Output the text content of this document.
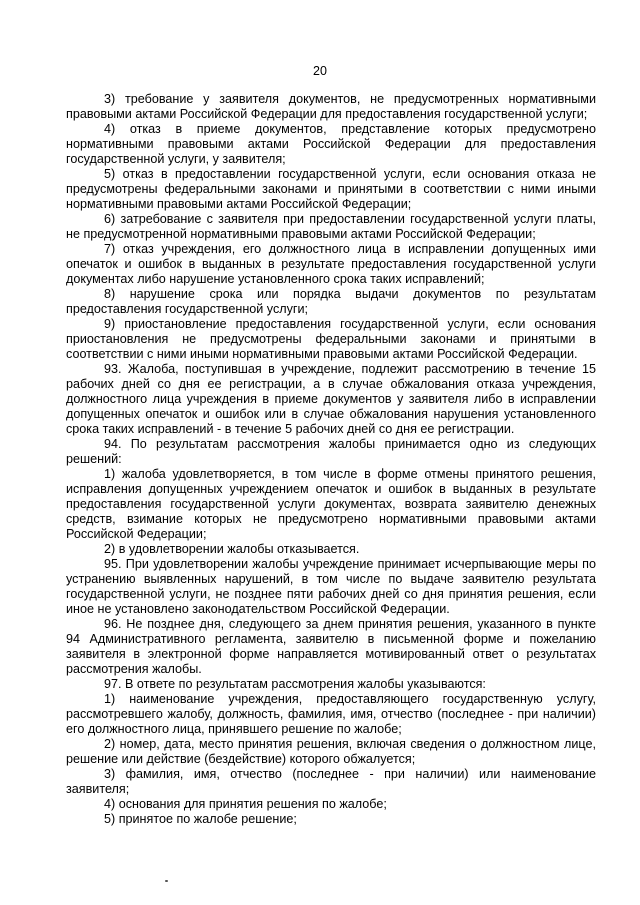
20

3) требование у заявителя документов, не предусмотренных нормативными правовыми актами Российской Федерации для предоставления государственной услуги;

4) отказ в приеме документов, представление которых предусмотрено нормативными правовыми актами Российской Федерации для предоставления государственной услуги, у заявителя;

5) отказ в предоставлении государственной услуги, если основания отказа не предусмотрены федеральными законами и принятыми в соответствии с ними иными нормативными правовыми актами Российской Федерации;

6) затребование с заявителя при предоставлении государственной услуги платы, не предусмотренной нормативными правовыми актами Российской Федерации;

7) отказ учреждения, его должностного лица в исправлении допущенных ими опечаток и ошибок в выданных в результате предоставления государственной услуги документах либо нарушение установленного срока таких исправлений;

8) нарушение срока или порядка выдачи документов по результатам предоставления государственной услуги;

9) приостановление предоставления государственной услуги, если основания приостановления не предусмотрены федеральными законами и принятыми в соответствии с ними иными нормативными правовыми актами Российской Федерации.

93. Жалоба, поступившая в учреждение, подлежит рассмотрению в течение 15 рабочих дней со дня ее регистрации, а в случае обжалования отказа учреждения, должностного лица учреждения в приеме документов у заявителя либо в исправлении допущенных опечаток и ошибок или в случае обжалования нарушения установленного срока таких исправлений - в течение 5 рабочих дней со дня ее регистрации.

94. По результатам рассмотрения жалобы принимается одно из следующих решений:

1) жалоба удовлетворяется, в том числе в форме отмены принятого решения, исправления допущенных учреждением опечаток и ошибок в выданных в результате предоставления государственной услуги документах, возврата заявителю денежных средств, взимание которых не предусмотрено нормативными правовыми актами Российской Федерации;

2) в удовлетворении жалобы отказывается.

95. При удовлетворении жалобы учреждение принимает исчерпывающие меры по устранению выявленных нарушений, в том числе по выдаче заявителю результата государственной услуги, не позднее пяти рабочих дней со дня принятия решения, если иное не установлено законодательством Российской Федерации.

96. Не позднее дня, следующего за днем принятия решения, указанного в пункте 94 Административного регламента, заявителю в письменной форме и пожеланию заявителя в электронной форме направляется мотивированный ответ о результатах рассмотрения жалобы.

97. В ответе по результатам рассмотрения жалобы указываются:

1) наименование учреждения, предоставляющего государственную услугу, рассмотревшего жалобу, должность, фамилия, имя, отчество (последнее - при наличии) его должностного лица, принявшего решение по жалобе;

2) номер, дата, место принятия решения, включая сведения о должностном лице, решение или действие (бездействие) которого обжалуется;

3) фамилия, имя, отчество (последнее - при наличии) или наименование заявителя;

4) основания для принятия решения по жалобе;

5) принятое по жалобе решение;
